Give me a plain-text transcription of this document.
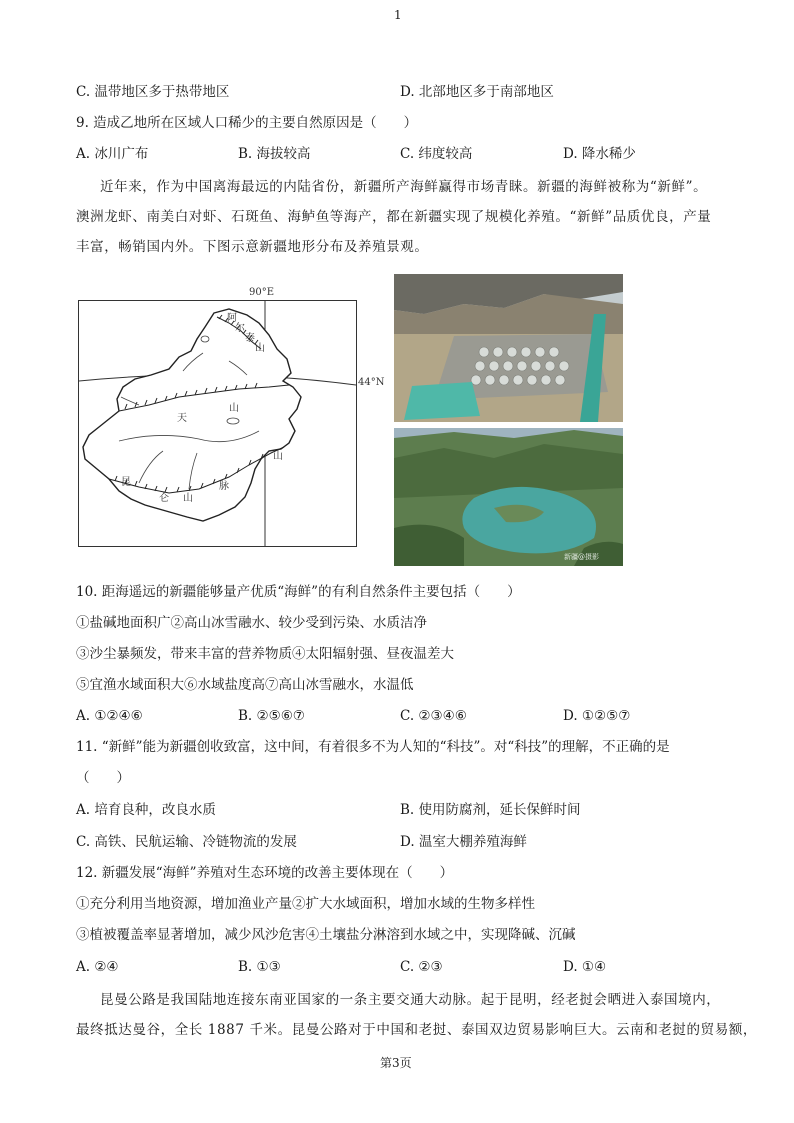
1
C. 温带地区多于热带地区	D. 北部地区多于南部地区
9. 造成乙地所在区域人口稀少的主要自然原因是（　　）
A. 冰川广布	B. 海拔较高	C. 纬度较高	D. 降水稀少
近年来，作为中国离海最远的内陆省份，新疆所产海鲜赢得市场青睐。新疆的海鲜被称为“新鲜”。
澳洲龙虾、南美白对虾、石斑鱼、海鲈鱼等海产，都在新疆实现了规模化养殖。“新鲜”品质优良，产量
丰富，畅销国内外。下图示意新疆地形分布及养殖景观。
90°E
44°N
阿
尔
泰
山
天
山
昆
仑 山
脉
山
新疆@摄影
10. 距海遥远的新疆能够量产优质“海鲜”的有利自然条件主要包括（　　）
①盐碱地面积广②高山冰雪融水、较少受到污染、水质洁净
③沙尘暴频发，带来丰富的营养物质④太阳辐射强、昼夜温差大
⑤宜渔水域面积大⑥水域盐度高⑦高山冰雪融水，水温低
A. ①②④⑥	B. ②⑤⑥⑦	C. ②③④⑥	D. ①②⑤⑦
11. “新鲜”能为新疆创收致富，这中间，有着很多不为人知的“科技”。对“科技”的理解，不正确的是
（　　）
A. 培育良种，改良水质	B. 使用防腐剂，延长保鲜时间
C. 高铁、民航运输、冷链物流的发展	D. 温室大棚养殖海鲜
12. 新疆发展“海鲜”养殖对生态环境的改善主要体现在（　　）
①充分利用当地资源，增加渔业产量②扩大水域面积，增加水域的生物多样性
③植被覆盖率显著增加，减少风沙危害④土壤盐分淋溶到水域之中，实现降碱、沉碱
A. ②④	B. ①③	C. ②③	D. ①④
昆曼公路是我国陆地连接东南亚国家的一条主要交通大动脉。起于昆明，经老挝会晒进入泰国境内，
最终抵达曼谷，全长 1887 千米。昆曼公路对于中国和老挝、泰国双边贸易影响巨大。云南和老挝的贸易额，
第3页
